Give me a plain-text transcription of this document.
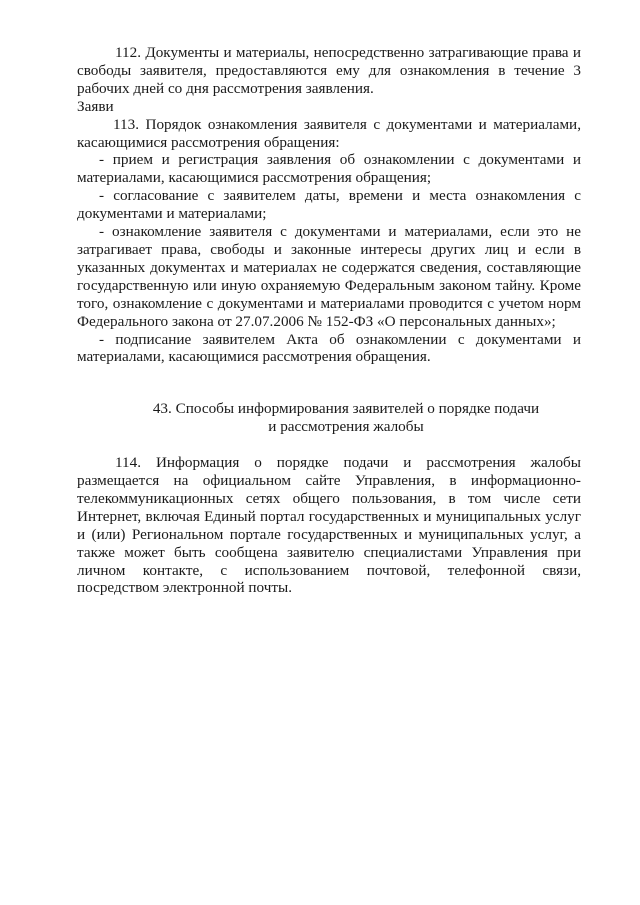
112. Документы и материалы, непосредственно затрагивающие права и свободы заявителя, предоставляются ему для ознакомления в течение 3 рабочих дней со дня рассмотрения заявления.

Заяви

113. Порядок ознакомления заявителя с документами и материалами, касающимися рассмотрения обращения:

- прием и регистрация заявления об ознакомлении с документами и материалами, касающимися рассмотрения обращения;

- согласование с заявителем даты, времени и места ознакомления с документами и материалами;

- ознакомление заявителя с документами и материалами, если это не затрагивает права, свободы и законные интересы других лиц и если в указанных документах и материалах не содержатся сведения, составляющие государственную или иную охраняемую Федеральным законом тайну. Кроме того, ознакомление с документами и материалами проводится с учетом норм Федерального закона от 27.07.2006 № 152-ФЗ «О персональных данных»;

- подписание заявителем Акта об ознакомлении с документами и материалами, касающимися рассмотрения обращения.

43. Способы информирования заявителей о порядке подачи

и рассмотрения жалобы

114. Информация о порядке подачи и рассмотрения жалобы размещается на официальном сайте Управления, в информационно-телекоммуникационных сетях общего пользования, в том числе сети Интернет, включая Единый портал государственных и муниципальных услуг и (или) Региональном портале государственных и муниципальных услуг, а также может быть сообщена заявителю специалистами Управления при личном контакте, с использованием почтовой, телефонной связи, посредством электронной почты.
